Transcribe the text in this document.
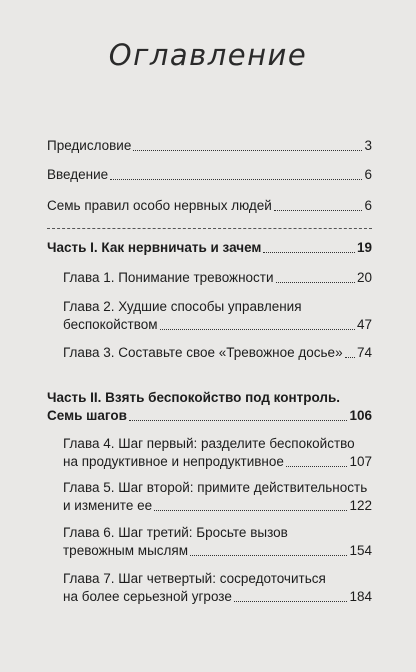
Оглавление
Предисловие	3
Введение	6
Семь правил особо нервных людей	6
Часть I. Как нервничать и зачем	19
Глава 1. Понимание тревожности	20
Глава 2. Худшие способы управления
беспокойством	47
Глава 3. Составьте свое «Тревожное досье» 74
Часть II. Взять беспокойство под контроль.
Семь шагов	106
Глава 4. Шаг первый: разделите беспокойство
на продуктивное и непродуктивное	107
Глава 5. Шаг второй: примите действительность
и измените ее	122
Глава 6. Шаг третий: Бросьте вызов
тревожным мыслям	154
Глава 7. Шаг четвертый: сосредоточиться
на более серьезной угрозе	184
